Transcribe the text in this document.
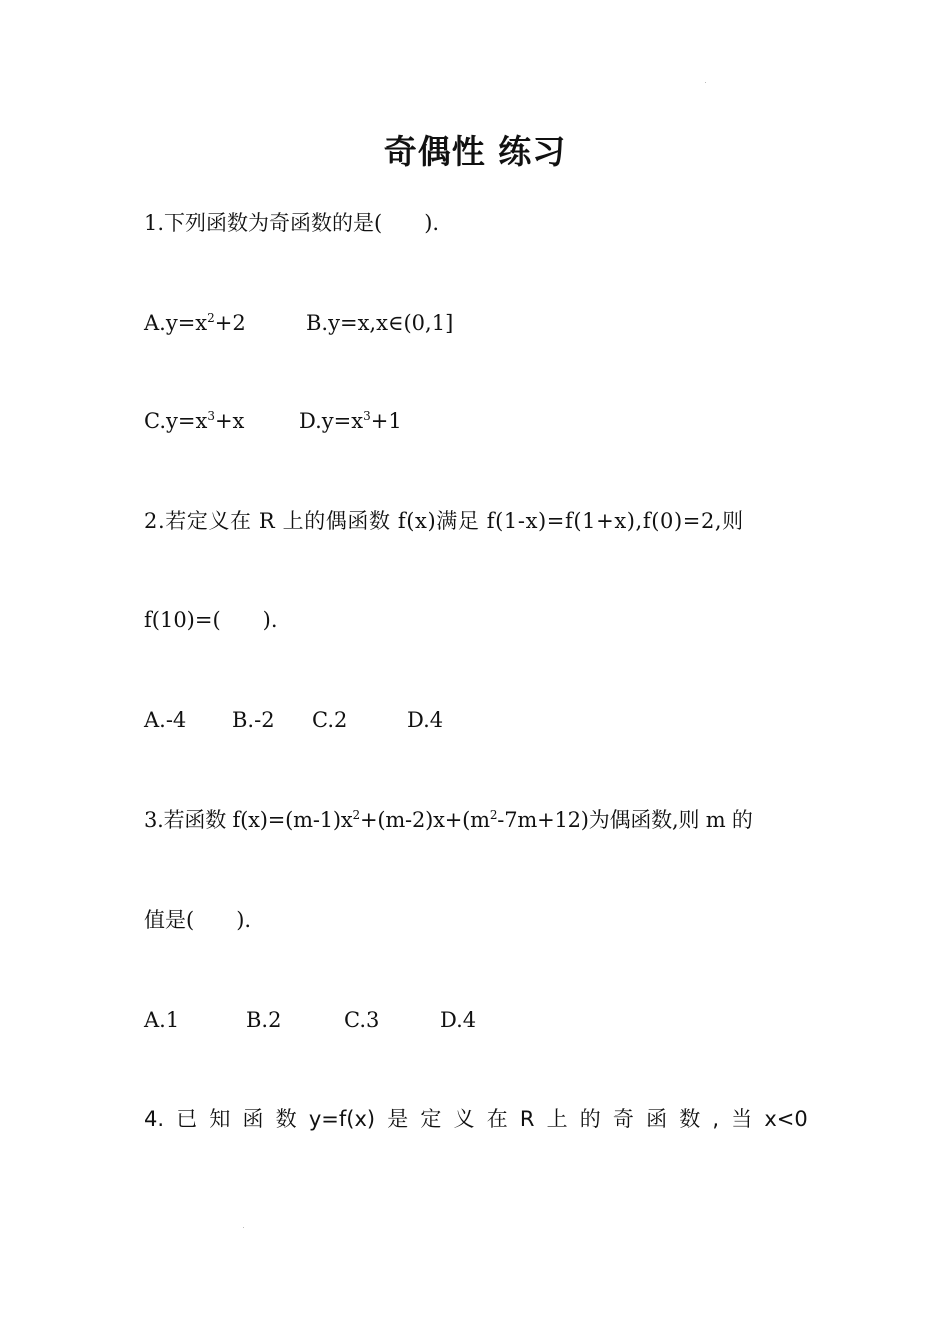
奇偶性 练习
1.下列函数为奇函数的是(　　).
$A.y=x^2+2$	B.y=x,x∈(0,1]
$C.y=x^3+x$	$D.y=x^3+1$
2.若定义在 R 上的偶函数 f(x)满足 f(1-x)=f(1+x),f(0)=2,则
f(10)=(　　).
A.-4 B.-2 C.2	D.4
3.若函数 $f(x)=(m-1)x^2+(m-2)x+(m^2-7m+12)$为偶函数,则 m 的
值是(　　).
A.1	B.2	C.3	D.4
4. 已 知 函 数 y=f(x) 是 定 义 在 R 上 的 奇 函 数 , 当 x<0
